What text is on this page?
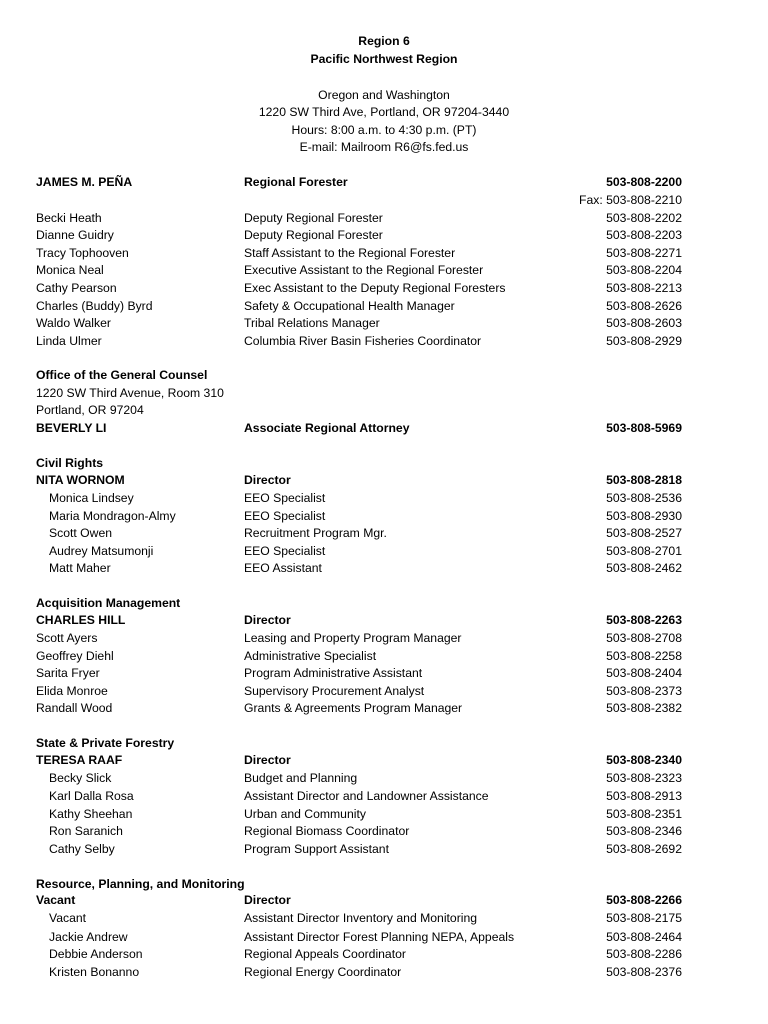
Region 6
Pacific Northwest Region
Oregon and Washington
1220 SW Third Ave, Portland, OR 97204-3440
Hours: 8:00 a.m. to 4:30 p.m. (PT)
E-mail: Mailroom R6@fs.fed.us
JAMES M. PEÑA	Regional Forester	503-808-2200
Fax: 503-808-2210
Becki Heath	Deputy Regional Forester	503-808-2202
Dianne Guidry	Deputy Regional Forester	503-808-2203
Tracy Tophooven	Staff Assistant to the Regional Forester	503-808-2271
Monica Neal	Executive Assistant to the Regional Forester	503-808-2204
Cathy Pearson	Exec Assistant to the Deputy Regional Foresters	503-808-2213
Charles (Buddy) Byrd	Safety & Occupational Health Manager	503-808-2626
Waldo Walker	Tribal Relations Manager	503-808-2603
Linda Ulmer	Columbia River Basin Fisheries Coordinator	503-808-2929
Office of the General Counsel
1220 SW Third Avenue, Room 310
Portland, OR 97204
BEVERLY LI	Associate Regional Attorney	503-808-5969
Civil Rights
NITA WORNOM	Director	503-808-2818
Monica Lindsey	EEO Specialist	503-808-2536
Maria Mondragon-Almy	EEO Specialist	503-808-2930
Scott Owen	Recruitment Program Mgr.	503-808-2527
Audrey Matsumonji	EEO Specialist	503-808-2701
Matt Maher	EEO Assistant	503-808-2462
Acquisition Management
CHARLES HILL	Director	503-808-2263
Scott Ayers	Leasing and Property Program Manager	503-808-2708
Geoffrey Diehl	Administrative Specialist	503-808-2258
Sarita Fryer	Program Administrative Assistant	503-808-2404
Elida Monroe	Supervisory Procurement Analyst	503-808-2373
Randall Wood	Grants & Agreements Program Manager	503-808-2382
State & Private Forestry
TERESA RAAF	Director	503-808-2340
Becky Slick	Budget and Planning	503-808-2323
Karl Dalla Rosa	Assistant Director and Landowner Assistance	503-808-2913
Kathy Sheehan	Urban and Community	503-808-2351
Ron Saranich	Regional Biomass Coordinator	503-808-2346
Cathy Selby	Program Support Assistant	503-808-2692
Resource, Planning, and Monitoring
Vacant	Director	503-808-2266
Vacant	Assistant Director Inventory and Monitoring	503-808-2175
Jackie Andrew	Assistant Director Forest Planning NEPA, Appeals	503-808-2464
Debbie Anderson	Regional Appeals Coordinator	503-808-2286
Kristen Bonanno	Regional Energy Coordinator	503-808-2376
